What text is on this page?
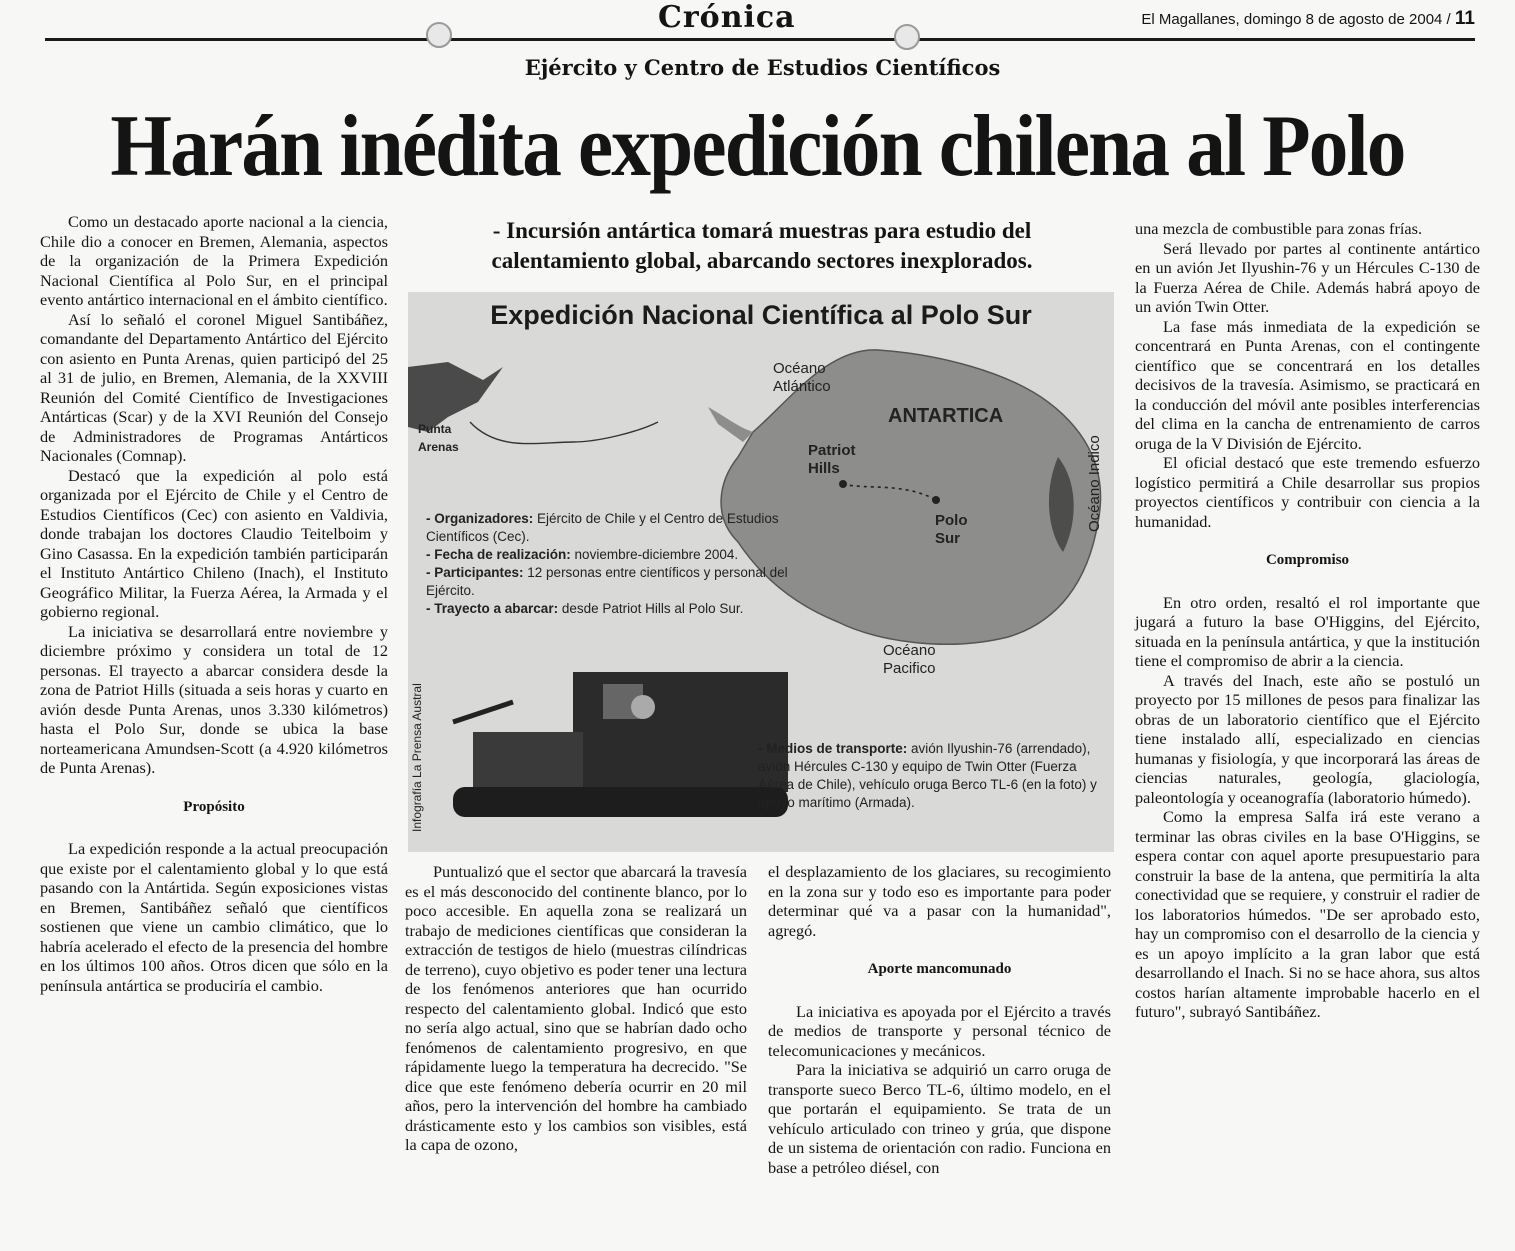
Crónica	El Magallanes, domingo 8 de agosto de 2004 / 11
Ejército y Centro de Estudios Científicos
Harán inédita expedición chilena al Polo

Como un destacado aporte nacional a la ciencia, Chile dio a conocer en Bremen, Alemania, aspectos de la organización de la Primera Expedición Nacional Científica al Polo Sur, en el principal evento antártico internacional en el ámbito científico.

Así lo señaló el coronel Miguel Santibáñez, comandante del Departamento Antártico del Ejército con asiento en Punta Arenas, quien participó del 25 al 31 de julio, en Bremen, Alemania, de la XXVIII Reunión del Comité Científico de Investigaciones Antárticas (Scar) y de la XVI Reunión del Consejo de Administradores de Programas Antárticos Nacionales (Comnap).

Destacó que la expedición al polo está organizada por el Ejército de Chile y el Centro de Estudios Científicos (Cec) con asiento en Valdivia, donde trabajan los doctores Claudio Teitelboim y Gino Casassa. En la expedición también participarán el Instituto Antártico Chileno (Inach), el Instituto Geográfico Militar, la Fuerza Aérea, la Armada y el gobierno regional.

La iniciativa se desarrollará entre noviembre y diciembre próximo y considera un total de 12 personas. El trayecto a abarcar considera desde la zona de Patriot Hills (situada a seis horas y cuarto en avión desde Punta Arenas, unos 3.330 kilómetros) hasta el Polo Sur, donde se ubica la base norteamericana Amundsen-Scott (a 4.920 kilómetros de Punta Arenas).

Propósito

La expedición responde a la actual preocupación que existe por el calentamiento global y lo que está pasando con la Antártida. Según exposiciones vistas en Bremen, Santibáñez señaló que científicos sostienen que viene un cambio climático, que lo habría acelerado el efecto de la presencia del hombre en los últimos 100 años. Otros dicen que sólo en la península antártica se produciría el cambio.

- Incursión antártica tomará muestras para estudio del calentamiento global, abarcando sectores inexplorados.
Expedición Nacional Científica al Polo Sur
Océano Atlántico
ANTARTICA
Océano Indico
Punta Arenas	Patriot Hills
Polo Sur
Océano Pacifico
- Organizadores: Ejército de Chile y el Centro de Estudios Científicos (Cec).
- Fecha de realización: noviembre-diciembre 2004.
- Participantes: 12 personas entre científicos y personal del Ejército.
- Trayecto a abarcar: desde Patriot Hills al Polo Sur.
- Medios de transporte: avión Ilyushin-76 (arrendado), avión Hércules C-130 y equipo de Twin Otter (Fuerza Aérea de Chile), vehículo oruga Berco TL-6 (en la foto) y apoyo marítimo (Armada).
Infografía La Prensa Austral

Puntualizó que el sector que abarcará la travesía es el más desconocido del continente blanco, por lo poco accesible. En aquella zona se realizará un trabajo de mediciones científicas que consideran la extracción de testigos de hielo (muestras cilíndricas de terreno), cuyo objetivo es poder tener una lectura de los fenómenos anteriores que han ocurrido respecto del calentamiento global. Indicó que esto no sería algo actual, sino que se habrían dado ocho fenómenos de calentamiento progresivo, en que rápidamente luego la temperatura ha decrecido. "Se dice que este fenómeno debería ocurrir en 20 mil años, pero la intervención del hombre ha cambiado drásticamente esto y los cambios son visibles, está la capa de ozono,

el desplazamiento de los glaciares, su recogimiento en la zona sur y todo eso es importante para poder determinar qué va a pasar con la humanidad", agregó.

Aporte mancomunado

La iniciativa es apoyada por el Ejército a través de medios de transporte y personal técnico de telecomunicaciones y mecánicos.

Para la iniciativa se adquirió un carro oruga de transporte sueco Berco TL-6, último modelo, en el que portarán el equipamiento. Se trata de un vehículo articulado con trineo y grúa, que dispone de un sistema de orientación con radio. Funciona en base a petróleo diésel, con

una mezcla de combustible para zonas frías.

Será llevado por partes al continente antártico en un avión Jet Ilyushin-76 y un Hércules C-130 de la Fuerza Aérea de Chile. Además habrá apoyo de un avión Twin Otter.

La fase más inmediata de la expedición se concentrará en Punta Arenas, con el contingente científico que se concentrará en los detalles decisivos de la travesía. Asimismo, se practicará en la conducción del móvil ante posibles interferencias del clima en la cancha de entrenamiento de carros oruga de la V División de Ejército.

El oficial destacó que este tremendo esfuerzo logístico permitirá a Chile desarrollar sus propios proyectos científicos y contribuir con ciencia a la humanidad.

Compromiso

En otro orden, resaltó el rol importante que jugará a futuro la base O'Higgins, del Ejército, situada en la península antártica, y que la institución tiene el compromiso de abrir a la ciencia.

A través del Inach, este año se postuló un proyecto por 15 millones de pesos para finalizar las obras de un laboratorio científico que el Ejército tiene instalado allí, especializado en ciencias humanas y fisiología, y que incorporará las áreas de ciencias naturales, geología, glaciología, paleontología y oceanografía (laboratorio húmedo).

Como la empresa Salfa irá este verano a terminar las obras civiles en la base O'Higgins, se espera contar con aquel aporte presupuestario para construir la base de la antena, que permitiría la alta conectividad que se requiere, y construir el radier de los laboratorios húmedos. "De ser aprobado esto, hay un compromiso con el desarrollo de la ciencia y es un apoyo implícito a la gran labor que está desarrollando el Inach. Si no se hace ahora, sus altos costos harían altamente improbable hacerlo en el futuro", subrayó Santibáñez.
